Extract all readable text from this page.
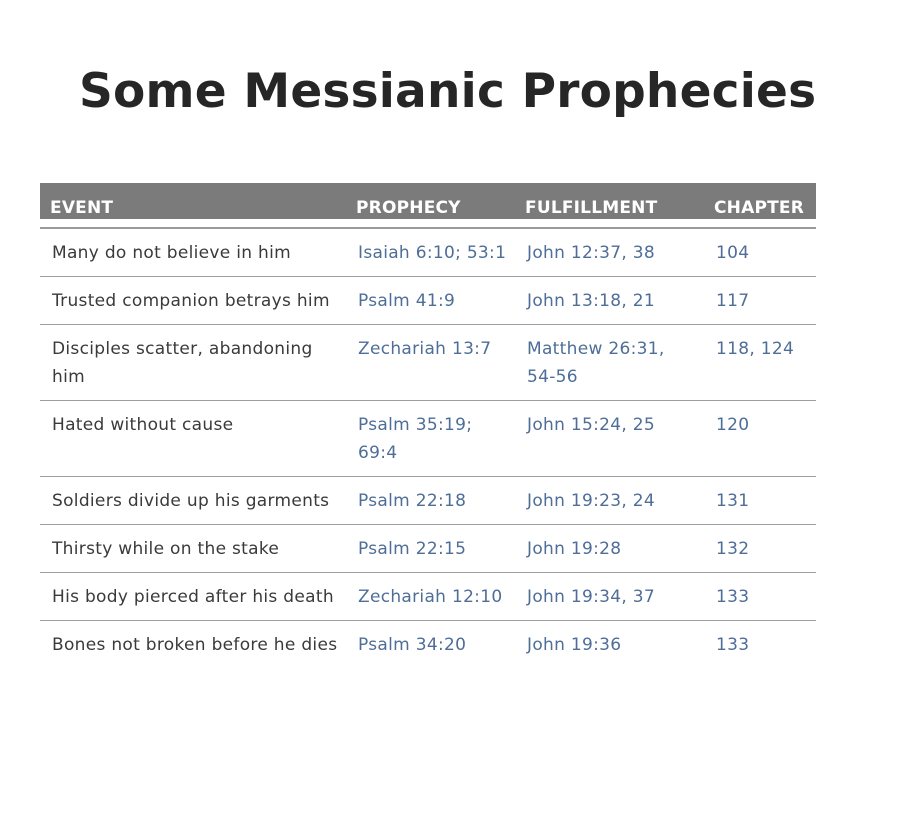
Some Messianic Prophecies
EVENT	PROPHECY	FULFILLMENT	CHAPTER

Many do not believe in him	Isaiah 6:10; 53:1	John 12:37, 38	104
Trusted companion betrays him	Psalm 41:9	John 13:18, 21	117
Disciples scatter, abandoning him	Zechariah 13:7	Matthew 26:31, 54-56	118, 124
Hated without cause	Psalm 35:19; 69:4	John 15:24, 25	120
Soldiers divide up his garments	Psalm 22:18	John 19:23, 24	131
Thirsty while on the stake	Psalm 22:15	John 19:28	132
His body pierced after his death	Zechariah 12:10	John 19:34, 37	133
Bones not broken before he dies	Psalm 34:20	John 19:36	133
